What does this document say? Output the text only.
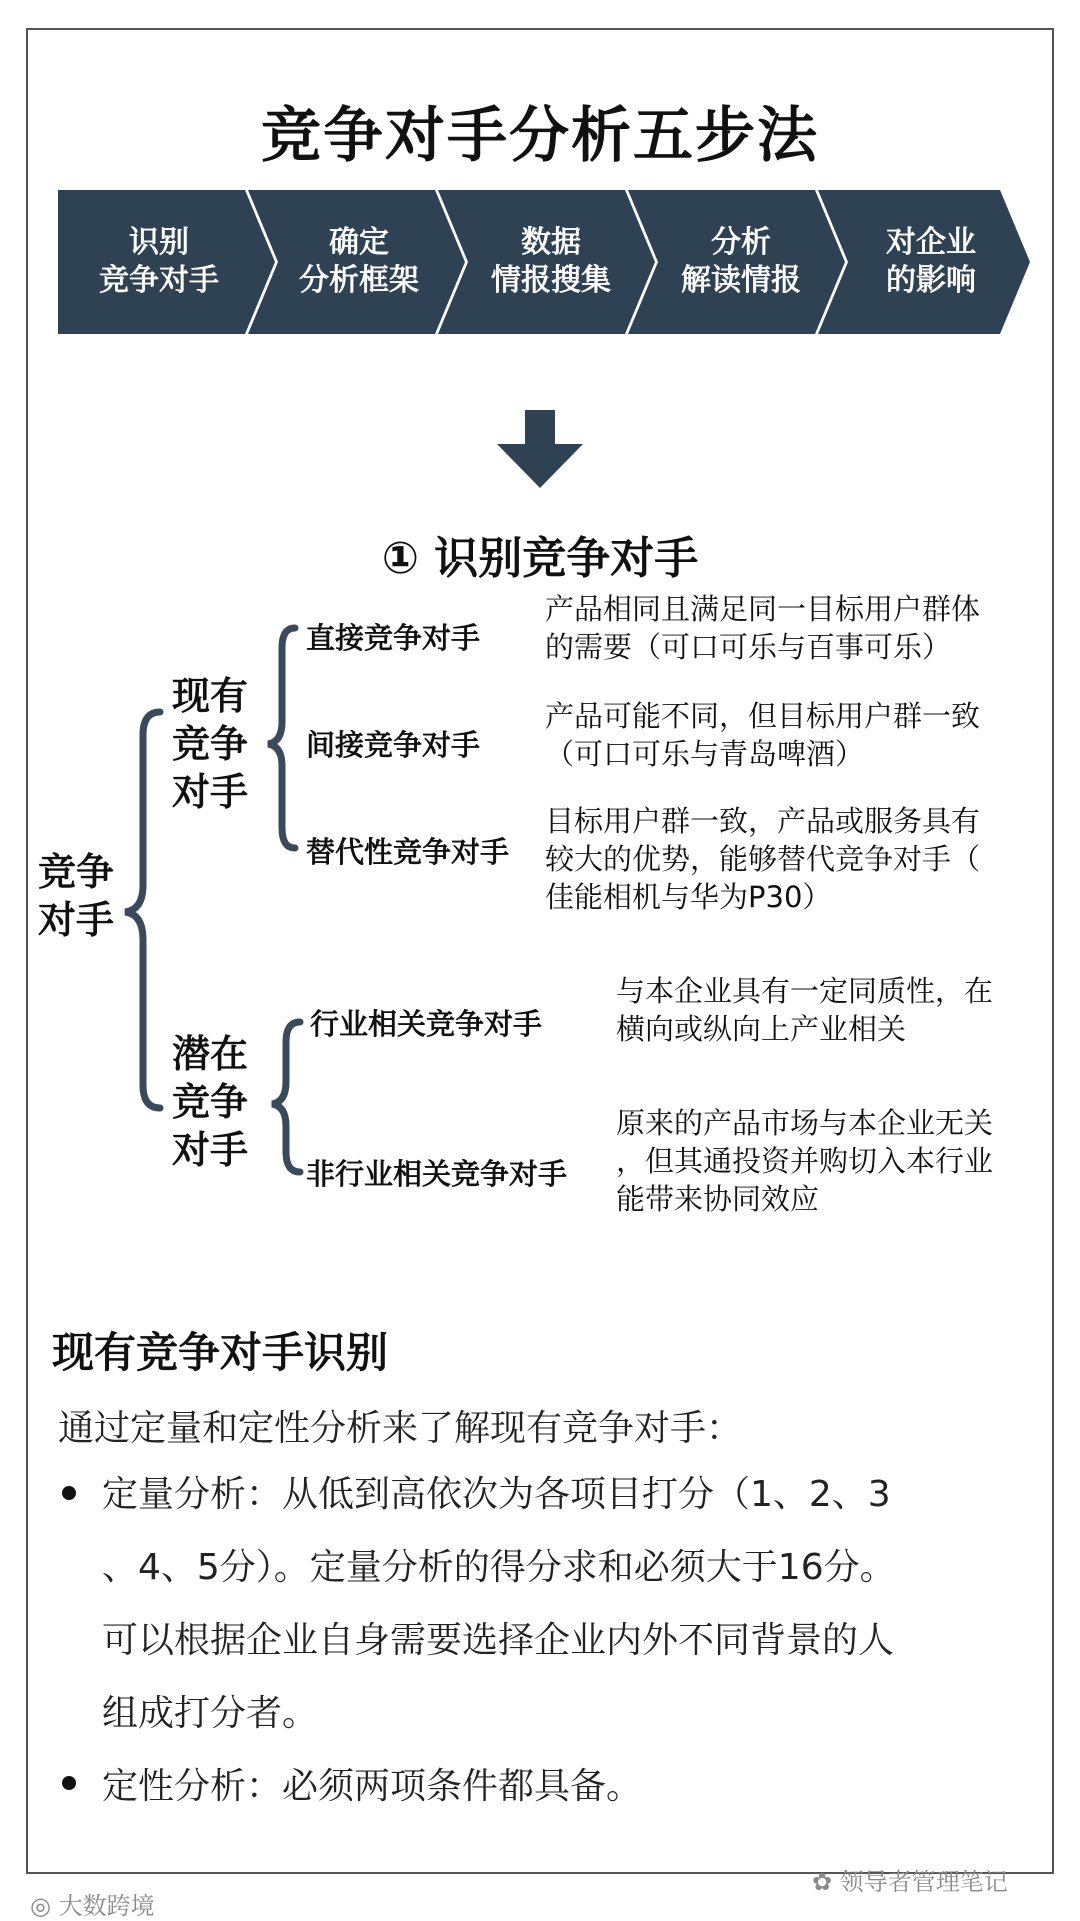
竞争对手分析五步法
识别
竞争对手
确定
分析框架
数据
情报搜集
分析
解读情报
对企业
的影响
① 识别竞争对手
竞争
对手
现有
竞争
对手
直接竞争对手
产品相同且满足同一目标用户群体
的需要（可口可乐与百事可乐）
间接竞争对手
产品可能不同，但目标用户群一致
（可口可乐与青岛啤酒）
替代性竞争对手
目标用户群一致，产品或服务具有
较大的优势，能够替代竞争对手（
佳能相机与华为P30）
潜在
竞争
对手
行业相关竞争对手
与本企业具有一定同质性，在
横向或纵向上产业相关
非行业相关竞争对手
原来的产品市场与本企业无关
，但其通投资并购切入本行业
能带来协同效应
现有竞争对手识别
通过定量和定性分析来了解现有竞争对手：
定量分析：从低到高依次为各项目打分（1、2、3
、4、5分）。定量分析的得分求和必须大于16分。
可以根据企业自身需要选择企业内外不同背景的人
组成打分者。
定性分析：必须两项条件都具备。
◎ 大数跨境
✿ 领导者管理笔记
